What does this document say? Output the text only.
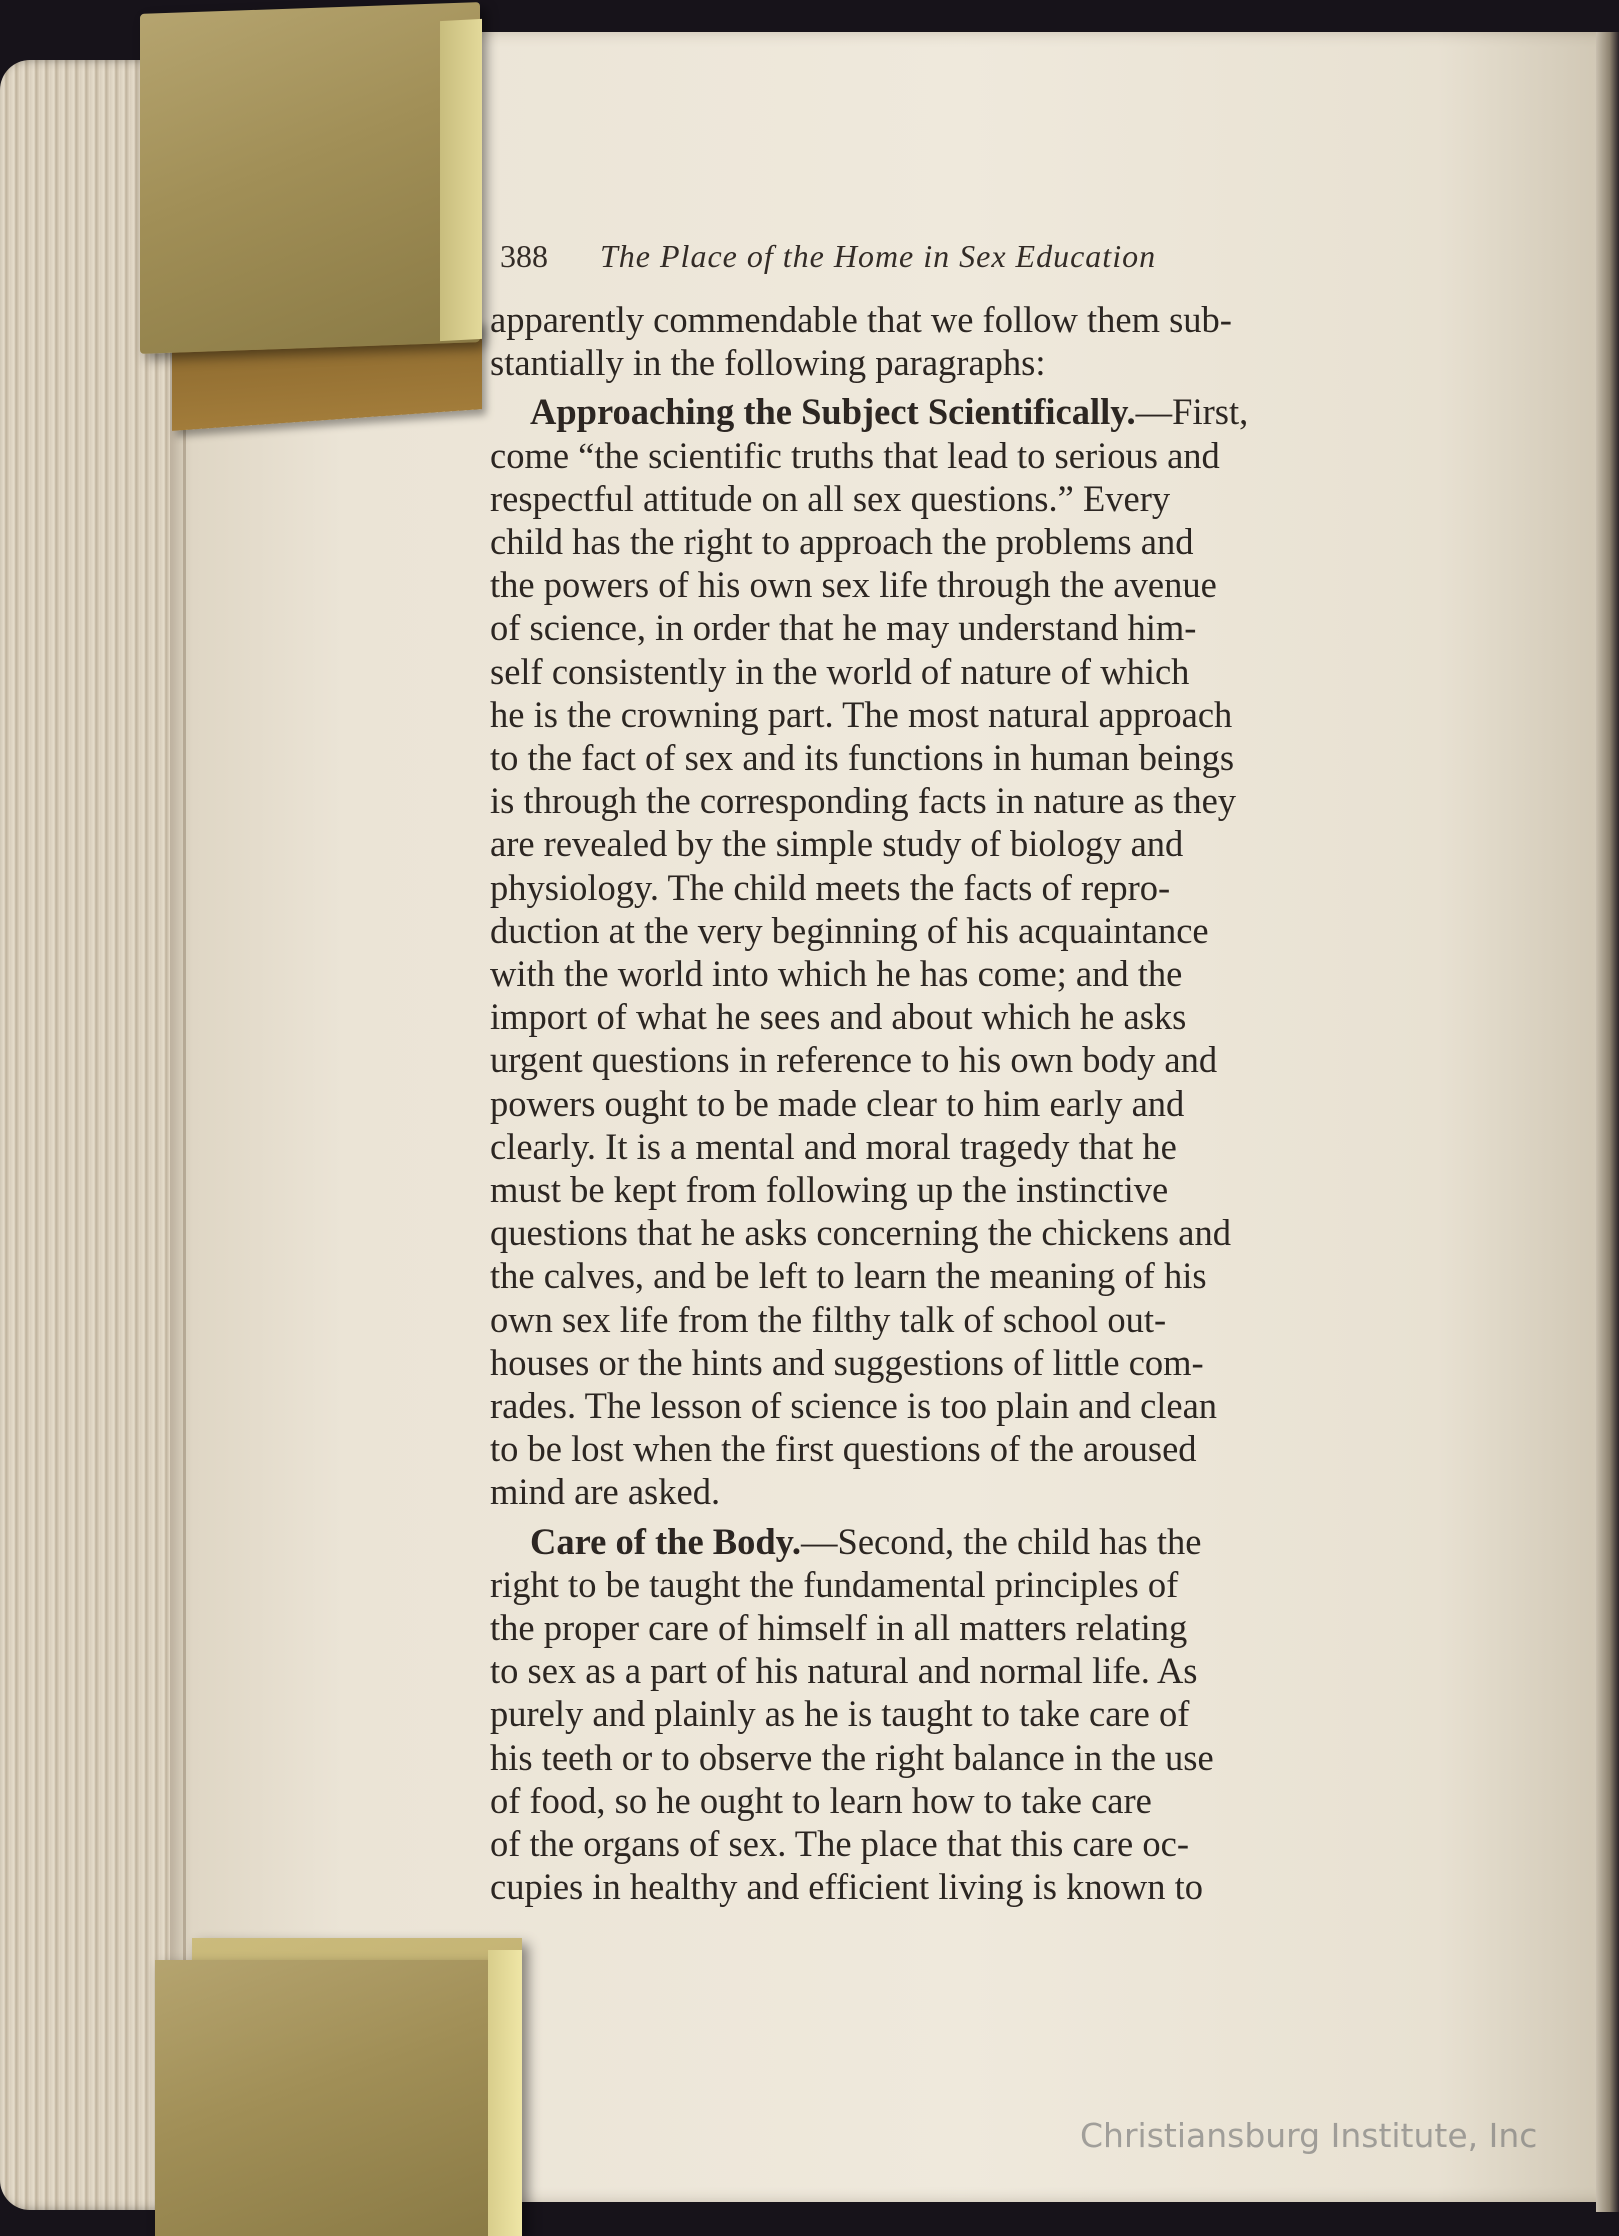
388 The Place of the Home in Sex Education
apparently commendable that we follow them sub-
stantially in the following paragraphs:
Approaching the Subject Scientifically.—First,
come “the scientific truths that lead to serious and
respectful attitude on all sex questions.” Every
child has the right to approach the problems and
the powers of his own sex life through the avenue
of science, in order that he may understand him-
self consistently in the world of nature of which
he is the crowning part. The most natural approach
to the fact of sex and its functions in human beings
is through the corresponding facts in nature as they
are revealed by the simple study of biology and
physiology. The child meets the facts of repro-
duction at the very beginning of his acquaintance
with the world into which he has come; and the
import of what he sees and about which he asks
urgent questions in reference to his own body and
powers ought to be made clear to him early and
clearly. It is a mental and moral tragedy that he
must be kept from following up the instinctive
questions that he asks concerning the chickens and
the calves, and be left to learn the meaning of his
own sex life from the filthy talk of school out-
houses or the hints and suggestions of little com-
rades. The lesson of science is too plain and clean
to be lost when the first questions of the aroused
mind are asked.
Care of the Body.—Second, the child has the
right to be taught the fundamental principles of
the proper care of himself in all matters relating
to sex as a part of his natural and normal life. As
purely and plainly as he is taught to take care of
his teeth or to observe the right balance in the use
of food, so he ought to learn how to take care
of the organs of sex. The place that this care oc-
cupies in healthy and efficient living is known to
Christiansburg Institute, Inc
